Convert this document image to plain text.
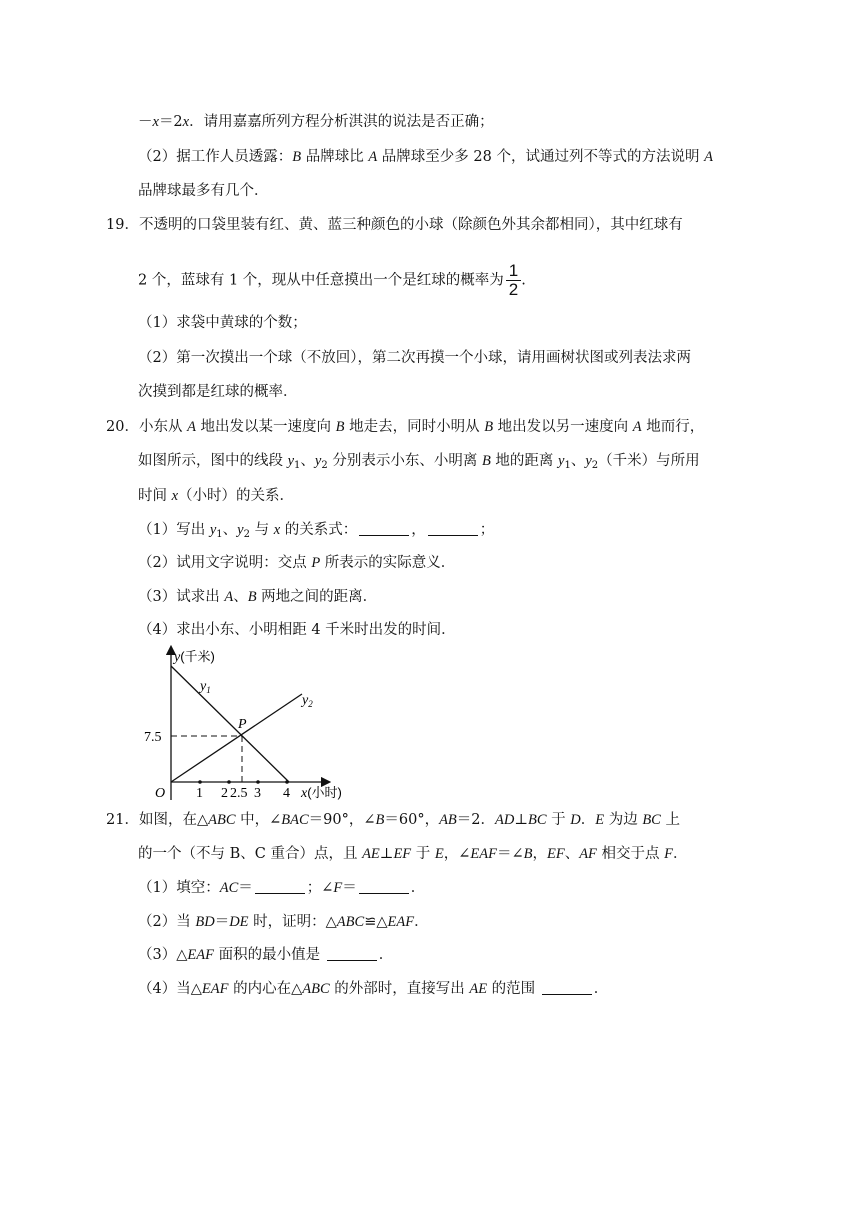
－x＝2x．请用嘉嘉所列方程分析淇淇的说法是否正确；
（2）据工作人员透露：B 品牌球比 A 品牌球至少多 28 个，试通过列不等式的方法说明 A
品牌球最多有几个．
19．不透明的口袋里装有红、黄、蓝三种颜色的小球（除颜色外其余都相同），其中红球有
2 个，蓝球有 1 个，现从中任意摸出一个是红球的概率为 $\frac{1}{2}$ .
（1）求袋中黄球的个数；
（2）第一次摸出一个球（不放回），第二次再摸一个小球，请用画树状图或列表法求两
次摸到都是红球的概率．
20．小东从 A 地出发以某一速度向 B 地走去，同时小明从 B 地出发以另一速度向 A 地而行，
如图所示，图中的线段 $y_1$、$y_2$ 分别表示小东、小明离 B 地的距离 $y_1$、$y_2$（千米）与所用
时间 x（小时）的关系．
（1）写出 $y_1$、$y_2$ 与 x 的关系式：	，	；
（2）试用文字说明：交点 P 所表示的实际意义．
（3）试求出 A、B 两地之间的距离．
（4）求出小东、小明相距 4 千米时出发的时间．
y(千米)
$y_1$
$y_2$
P
7.5
O 1 2 2.5 3 4 x(小时)
21．如图，在△ABC 中，∠BAC＝90°，∠B＝60°，AB＝2．AD⊥BC 于 D．E 为边 BC 上
的一个（不与 B、C 重合）点，且 AE⊥EF 于 E，∠EAF＝∠B，EF、AF 相交于点 F．
（1）填空：AC＝	；∠F＝	．
（2）当 BD＝DE 时，证明：△ABC≌△EAF．
（3）△EAF 面积的最小值是	．
（4）当△EAF 的内心在△ABC 的外部时，直接写出 AE 的范围	．
